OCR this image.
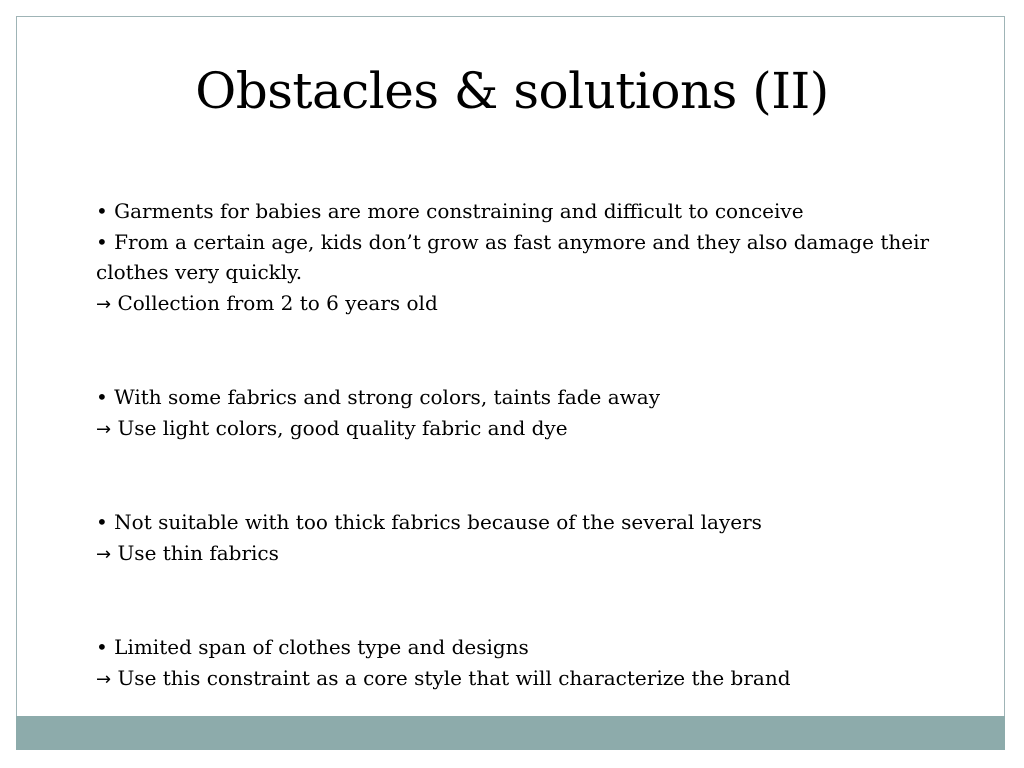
Obstacles & solutions (II)
• Garments for babies are more constraining and difficult to conceive
• From a certain age, kids don’t grow as fast anymore and they also damage their clothes very quickly.
→ Collection from 2 to 6 years old
• With some fabrics and strong colors, taints fade away
→ Use light colors, good quality fabric and dye
• Not suitable with too thick fabrics because of the several layers
→ Use thin fabrics
• Limited span of clothes type and designs
→ Use this constraint as a core style that will characterize the brand
